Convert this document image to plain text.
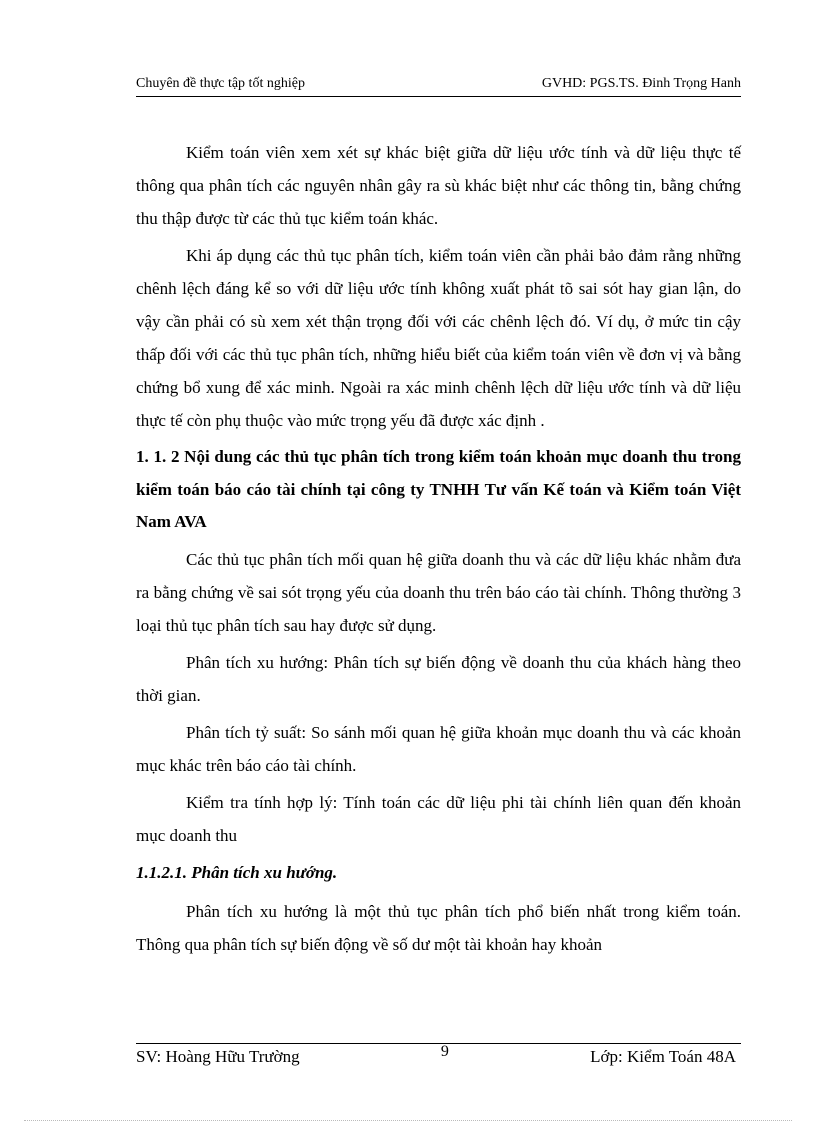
Chuyên đề thực tập tốt nghiệp	GVHD: PGS.TS. Đinh Trọng Hanh

Kiểm toán viên xem xét sự khác biệt giữa dữ liệu ước tính và dữ liệu thực tế thông qua phân tích các nguyên nhân gây ra sù khác biệt như các thông tin, bằng chứng thu thập được từ các thủ tục kiểm toán khác.

Khi áp dụng các thủ tục phân tích, kiểm toán viên cần phải bảo đảm rằng những chênh lệch đáng kể so với dữ liệu ước tính không xuất phát tõ sai sót hay gian lận, do vậy cần phải có sù xem xét thận trọng đối với các chênh lệch đó. Ví dụ, ở mức tin cậy thấp đối với các thủ tục phân tích, những hiểu biết của kiểm toán viên về đơn vị và bằng chứng bổ xung để xác minh. Ngoài ra xác minh chênh lệch dữ liệu ước tính và dữ liệu thực tế còn phụ thuộc vào mức trọng yếu đã được xác định .

1. 1. 2 Nội dung các thủ tục phân tích trong kiểm toán khoản mục doanh thu trong kiểm toán báo cáo tài chính tại công ty TNHH Tư vấn Kế toán và Kiểm toán Việt Nam AVA

Các thủ tục phân tích mối quan hệ giữa doanh thu và các dữ liệu khác nhằm đưa ra bằng chứng về sai sót trọng yếu của doanh thu trên báo cáo tài chính. Thông thường 3 loại thủ tục phân tích sau hay được sử dụng.

Phân tích xu hướng: Phân tích sự biến động về doanh thu của khách hàng theo thời gian.

Phân tích tỷ suất: So sánh mối quan hệ giữa khoản mục doanh thu và các khoản mục khác trên báo cáo tài chính.

Kiểm tra tính hợp lý: Tính toán các dữ liệu phi tài chính liên quan đến khoản mục doanh thu

1.1.2.1. Phân tích xu hướng.

Phân tích xu hướng là một thủ tục phân tích phổ biến nhất trong kiểm toán. Thông qua phân tích sự biến động về số dư một tài khoản hay khoản

SV: Hoàng Hữu Trường	9	Lớp: Kiểm Toán 48A
